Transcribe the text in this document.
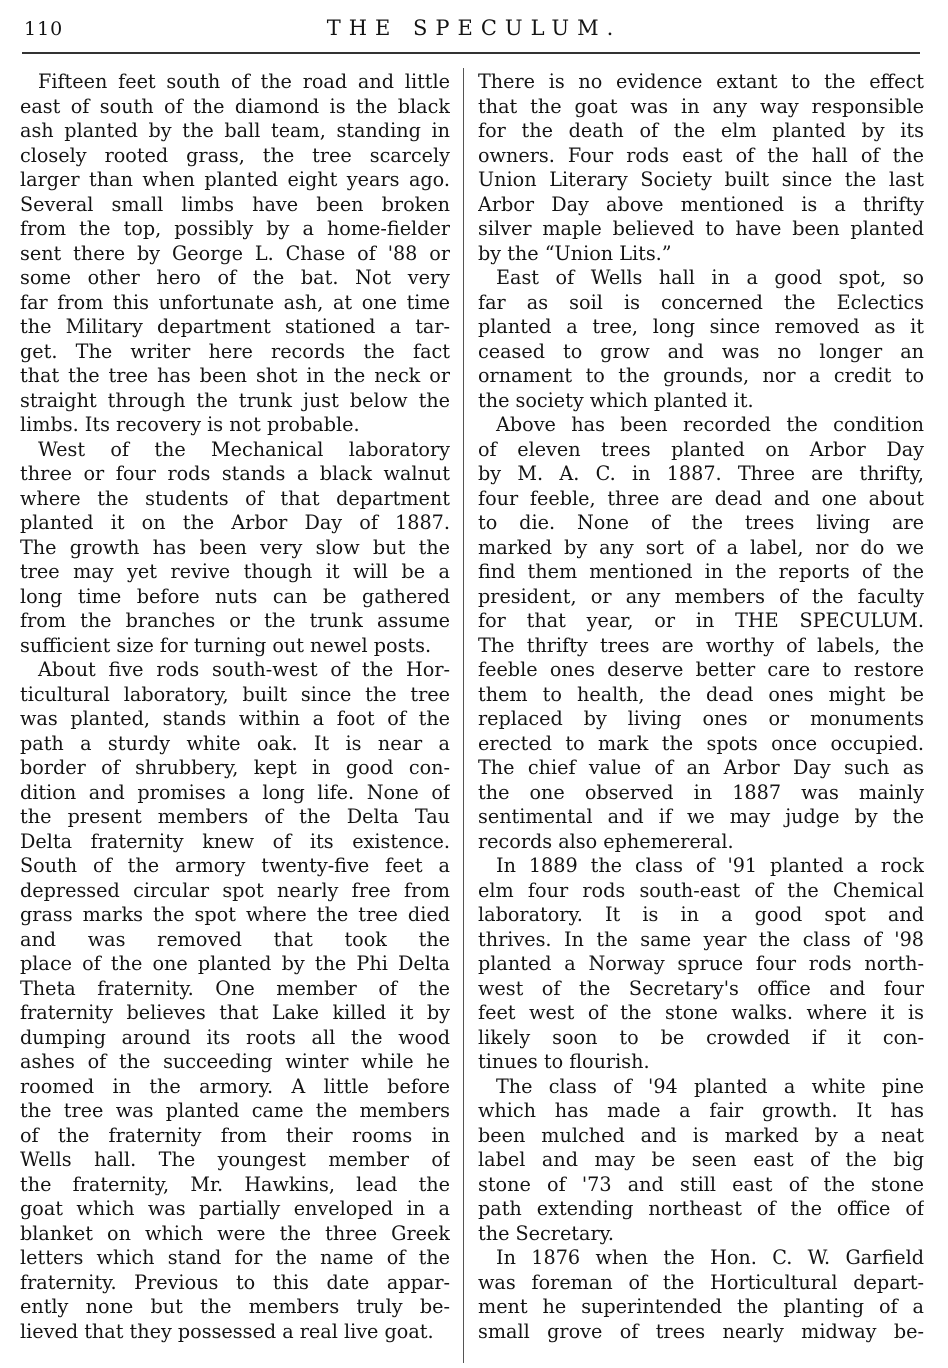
110	THE SPECULUM.
Fifteen feet south of the road and little
east of south of the diamond is the black
ash planted by the ball team, standing in
closely rooted grass, the tree scarcely
larger than when planted eight years ago.
Several small limbs have been broken
from the top, possibly by a home-fielder
sent there by George L. Chase of '88 or
some other hero of the bat. Not very
far from this unfortunate ash, at one time
the Military department stationed a tar-
get. The writer here records the fact
that the tree has been shot in the neck or
straight through the trunk just below the
limbs. Its recovery is not probable.
West of the Mechanical laboratory
three or four rods stands a black walnut
where the students of that department
planted it on the Arbor Day of 1887.
The growth has been very slow but the
tree may yet revive though it will be a
long time before nuts can be gathered
from the branches or the trunk assume
sufficient size for turning out newel posts.
About five rods south-west of the Hor-
ticultural laboratory, built since the tree
was planted, stands within a foot of the
path a sturdy white oak. It is near a
border of shrubbery, kept in good con-
dition and promises a long life. None of
the present members of the Delta Tau
Delta fraternity knew of its existence.
South of the armory twenty-five feet a
depressed circular spot nearly free from
grass marks the spot where the tree died
and was removed that took the
place of the one planted by the Phi Delta
Theta fraternity. One member of the
fraternity believes that Lake killed it by
dumping around its roots all the wood
ashes of the succeeding winter while he
roomed in the armory. A little before
the tree was planted came the members
of the fraternity from their rooms in
Wells hall. The youngest member of
the fraternity, Mr. Hawkins, lead the
goat which was partially enveloped in a
blanket on which were the three Greek
letters which stand for the name of the
fraternity. Previous to this date appar-
ently none but the members truly be-
lieved that they possessed a real live goat.
There is no evidence extant to the effect
that the goat was in any way responsible
for the death of the elm planted by its
owners. Four rods east of the hall of the
Union Literary Society built since the last
Arbor Day above mentioned is a thrifty
silver maple believed to have been planted
by the “Union Lits.”
East of Wells hall in a good spot, so
far as soil is concerned the Eclectics
planted a tree, long since removed as it
ceased to grow and was no longer an
ornament to the grounds, nor a credit to
the society which planted it.
Above has been recorded the condition
of eleven trees planted on Arbor Day
by M. A. C. in 1887. Three are thrifty,
four feeble, three are dead and one about
to die. None of the trees living are
marked by any sort of a label, nor do we
find them mentioned in the reports of the
president, or any members of the faculty
for that year, or in THE SPECULUM.
The thrifty trees are worthy of labels, the
feeble ones deserve better care to restore
them to health, the dead ones might be
replaced by living ones or monuments
erected to mark the spots once occupied.
The chief value of an Arbor Day such as
the one observed in 1887 was mainly
sentimental and if we may judge by the
records also ephemereral.
In 1889 the class of '91 planted a rock
elm four rods south-east of the Chemical
laboratory. It is in a good spot and
thrives. In the same year the class of '98
planted a Norway spruce four rods north-
west of the Secretary's office and four
feet west of the stone walks. where it is
likely soon to be crowded if it con-
tinues to flourish.
The class of '94 planted a white pine
which has made a fair growth. It has
been mulched and is marked by a neat
label and may be seen east of the big
stone of '73 and still east of the stone
path extending northeast of the office of
the Secretary.
In 1876 when the Hon. C. W. Garfield
was foreman of the Horticultural depart-
ment he superintended the planting of a
small grove of trees nearly midway be-
